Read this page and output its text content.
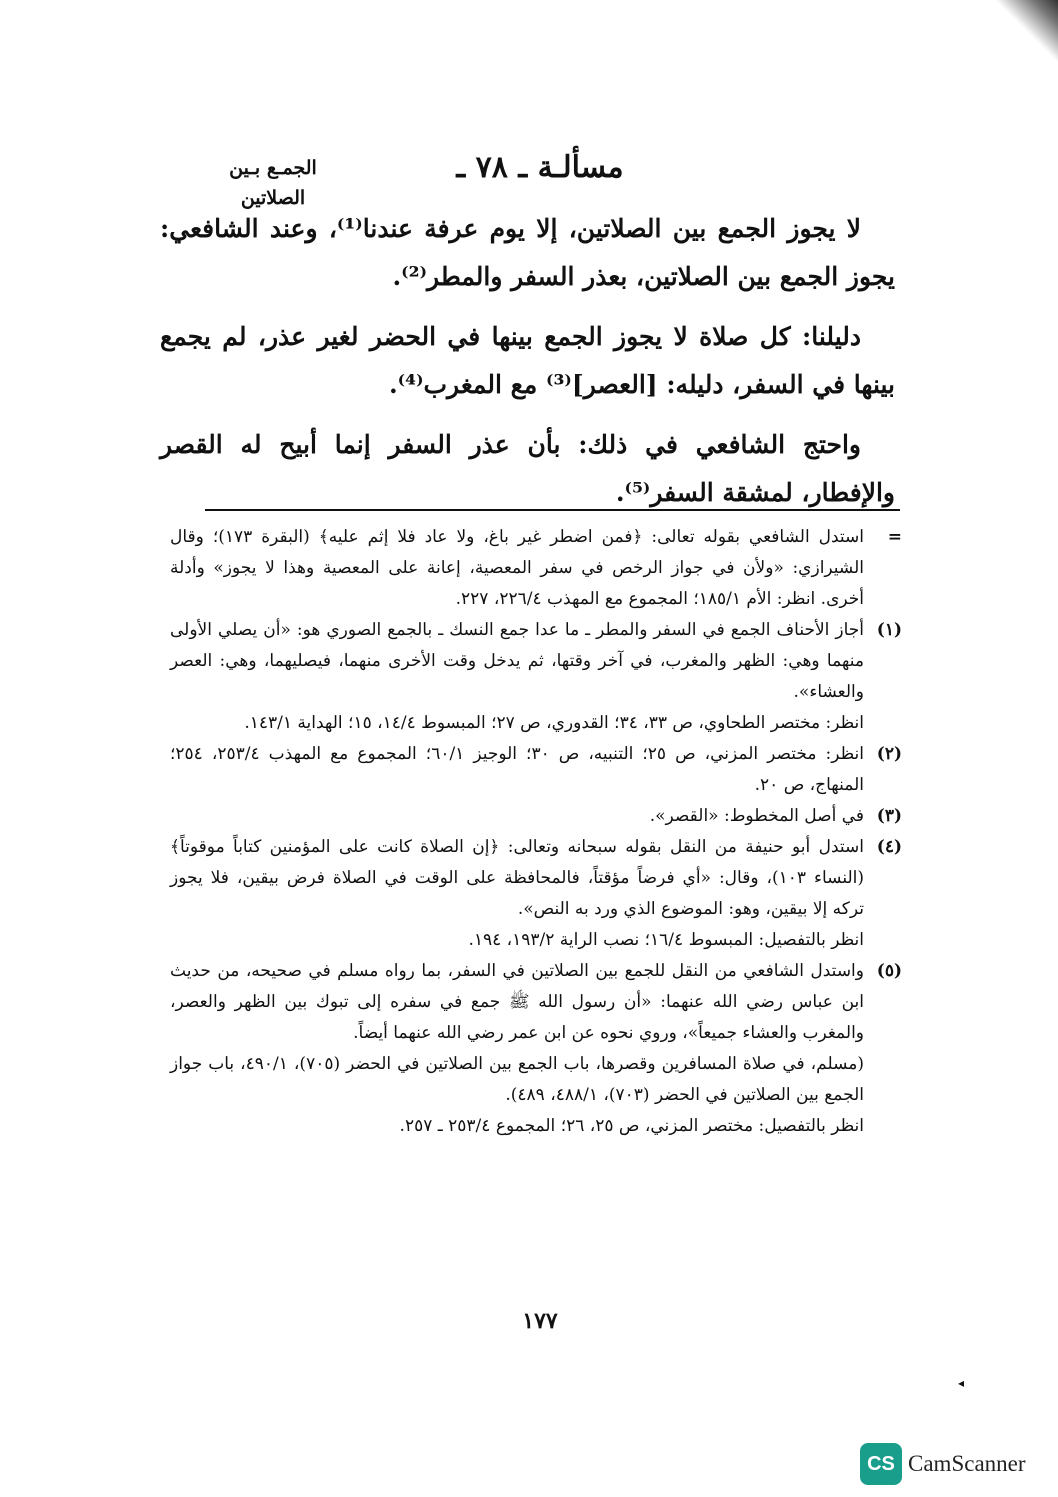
مسألـة ـ ٧٨ ـ
الجمـع بـين الصلاتين

لا يجوز الجمع بين الصلاتين، إلا يوم عرفة عندنا⁽¹⁾، وعند الشافعي: يجوز الجمع بين الصلاتين، بعذر السفر والمطر⁽²⁾.

دليلنا: كل صلاة لا يجوز الجمع بينها في الحضر لغير عذر، لم يجمع بينها في السفر، دليله: [العصر]⁽³⁾ مع المغرب⁽⁴⁾.

واحتج الشافعي في ذلك: بأن عذر السفر إنما أبيح له القصر والإفطار، لمشقة السفر⁽⁵⁾.

=

استدل الشافعي بقوله تعالى: ﴿فمن اضطر غير باغ، ولا عاد فلا إثم عليه﴾ (البقرة ١٧٣)؛ وقال الشيرازي: «ولأن في جواز الرخص في سفر المعصية، إعانة على المعصية وهذا لا يجوز» وأدلة أخرى. انظر: الأم ١٨٥/١؛ المجموع مع المهذب ٢٢٦/٤، ٢٢٧.

(١)

أجاز الأحناف الجمع في السفر والمطر ـ ما عدا جمع النسك ـ بالجمع الصوري هو: «أن يصلي الأولى منهما وهي: الظهر والمغرب، في آخر وقتها، ثم يدخل وقت الأخرى منهما، فيصليهما، وهي: العصر والعشاء».

انظر: مختصر الطحاوي، ص ٣٣، ٣٤؛ القدوري، ص ٢٧؛ المبسوط ١٤/٤، ١٥؛ الهداية ١٤٣/١.

(٢)

انظر: مختصر المزني، ص ٢٥؛ التنبيه، ص ٣٠؛ الوجيز ٦٠/١؛ المجموع مع المهذب ٢٥٣/٤، ٢٥٤؛ المنهاج، ص ٢٠.

(٣)

في أصل المخطوط: «القصر».

(٤)

استدل أبو حنيفة من النقل بقوله سبحانه وتعالى: ﴿إن الصلاة كانت على المؤمنين كتاباً موقوتاً﴾ (النساء ١٠٣)، وقال: «أي فرضاً مؤقتاً، فالمحافظة على الوقت في الصلاة فرض بيقين، فلا يجوز تركه إلا بيقين، وهو: الموضوع الذي ورد به النص».

انظر بالتفصيل: المبسوط ١٦/٤؛ نصب الراية ١٩٣/٢، ١٩٤.

(٥)

واستدل الشافعي من النقل للجمع بين الصلاتين في السفر، بما رواه مسلم في صحيحه، من حديث ابن عباس رضي الله عنهما: «أن رسول الله ﷺ جمع في سفره إلى تبوك بين الظهر والعصر، والمغرب والعشاء جميعاً»، وروي نحوه عن ابن عمر رضي الله عنهما أيضاً.

(مسلم، في صلاة المسافرين وقصرها، باب الجمع بين الصلاتين في الحضر (٧٠٥)، ٤٩٠/١، باب جواز الجمع بين الصلاتين في الحضر (٧٠٣)، ٤٨٨/١، ٤٨٩).

انظر بالتفصيل: مختصر المزني، ص ٢٥، ٢٦؛ المجموع ٢٥٣/٤ ـ ٢٥٧.

١٧٧
◂
CS CamScanner
